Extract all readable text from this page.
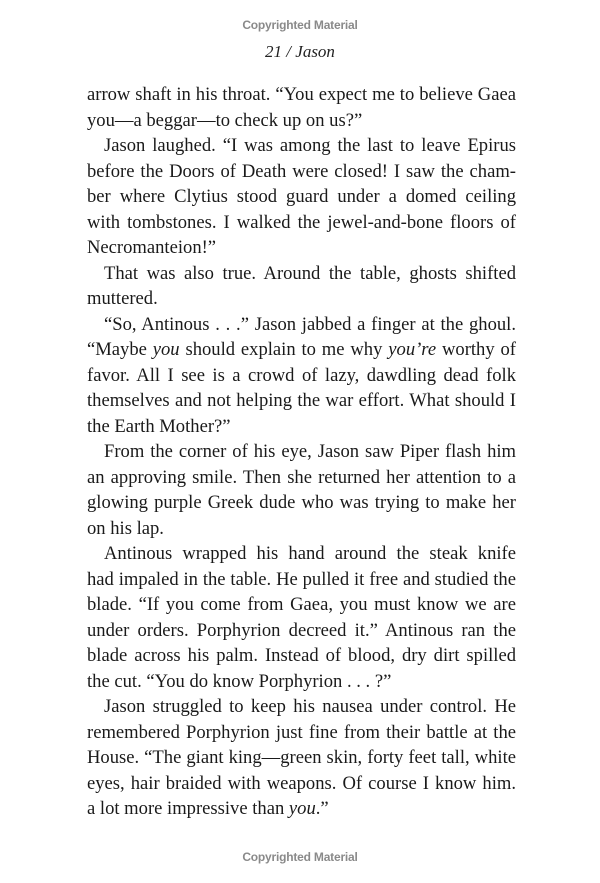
Copyrighted Material
21 / Jason
arrow shaft in his throat. “You expect me to believe Gaea
you—a beggar—to check up on us?”
Jason laughed. “I was among the last to leave Epirus
before the Doors of Death were closed! I saw the cham-
ber where Clytius stood guard under a domed ceiling
with tombstones. I walked the jewel-and-bone floors of
Necromanteion!”
That was also true. Around the table, ghosts shifted
muttered.
“So, Antinous . . .” Jason jabbed a finger at the ghoul.
“Maybe you should explain to me why you’re worthy of
favor. All I see is a crowd of lazy, dawdling dead folk
themselves and not helping the war effort. What should I
the Earth Mother?”
From the corner of his eye, Jason saw Piper flash him
an approving smile. Then she returned her attention to a
glowing purple Greek dude who was trying to make her
on his lap.
Antinous wrapped his hand around the steak knife
had impaled in the table. He pulled it free and studied the
blade. “If you come from Gaea, you must know we are
under orders. Porphyrion decreed it.” Antinous ran the
blade across his palm. Instead of blood, dry dirt spilled
the cut. “You do know Porphyrion . . . ?”
Jason struggled to keep his nausea under control. He
remembered Porphyrion just fine from their battle at the
House. “The giant king—green skin, forty feet tall, white
eyes, hair braided with weapons. Of course I know him.
a lot more impressive than you.”
Copyrighted Material
